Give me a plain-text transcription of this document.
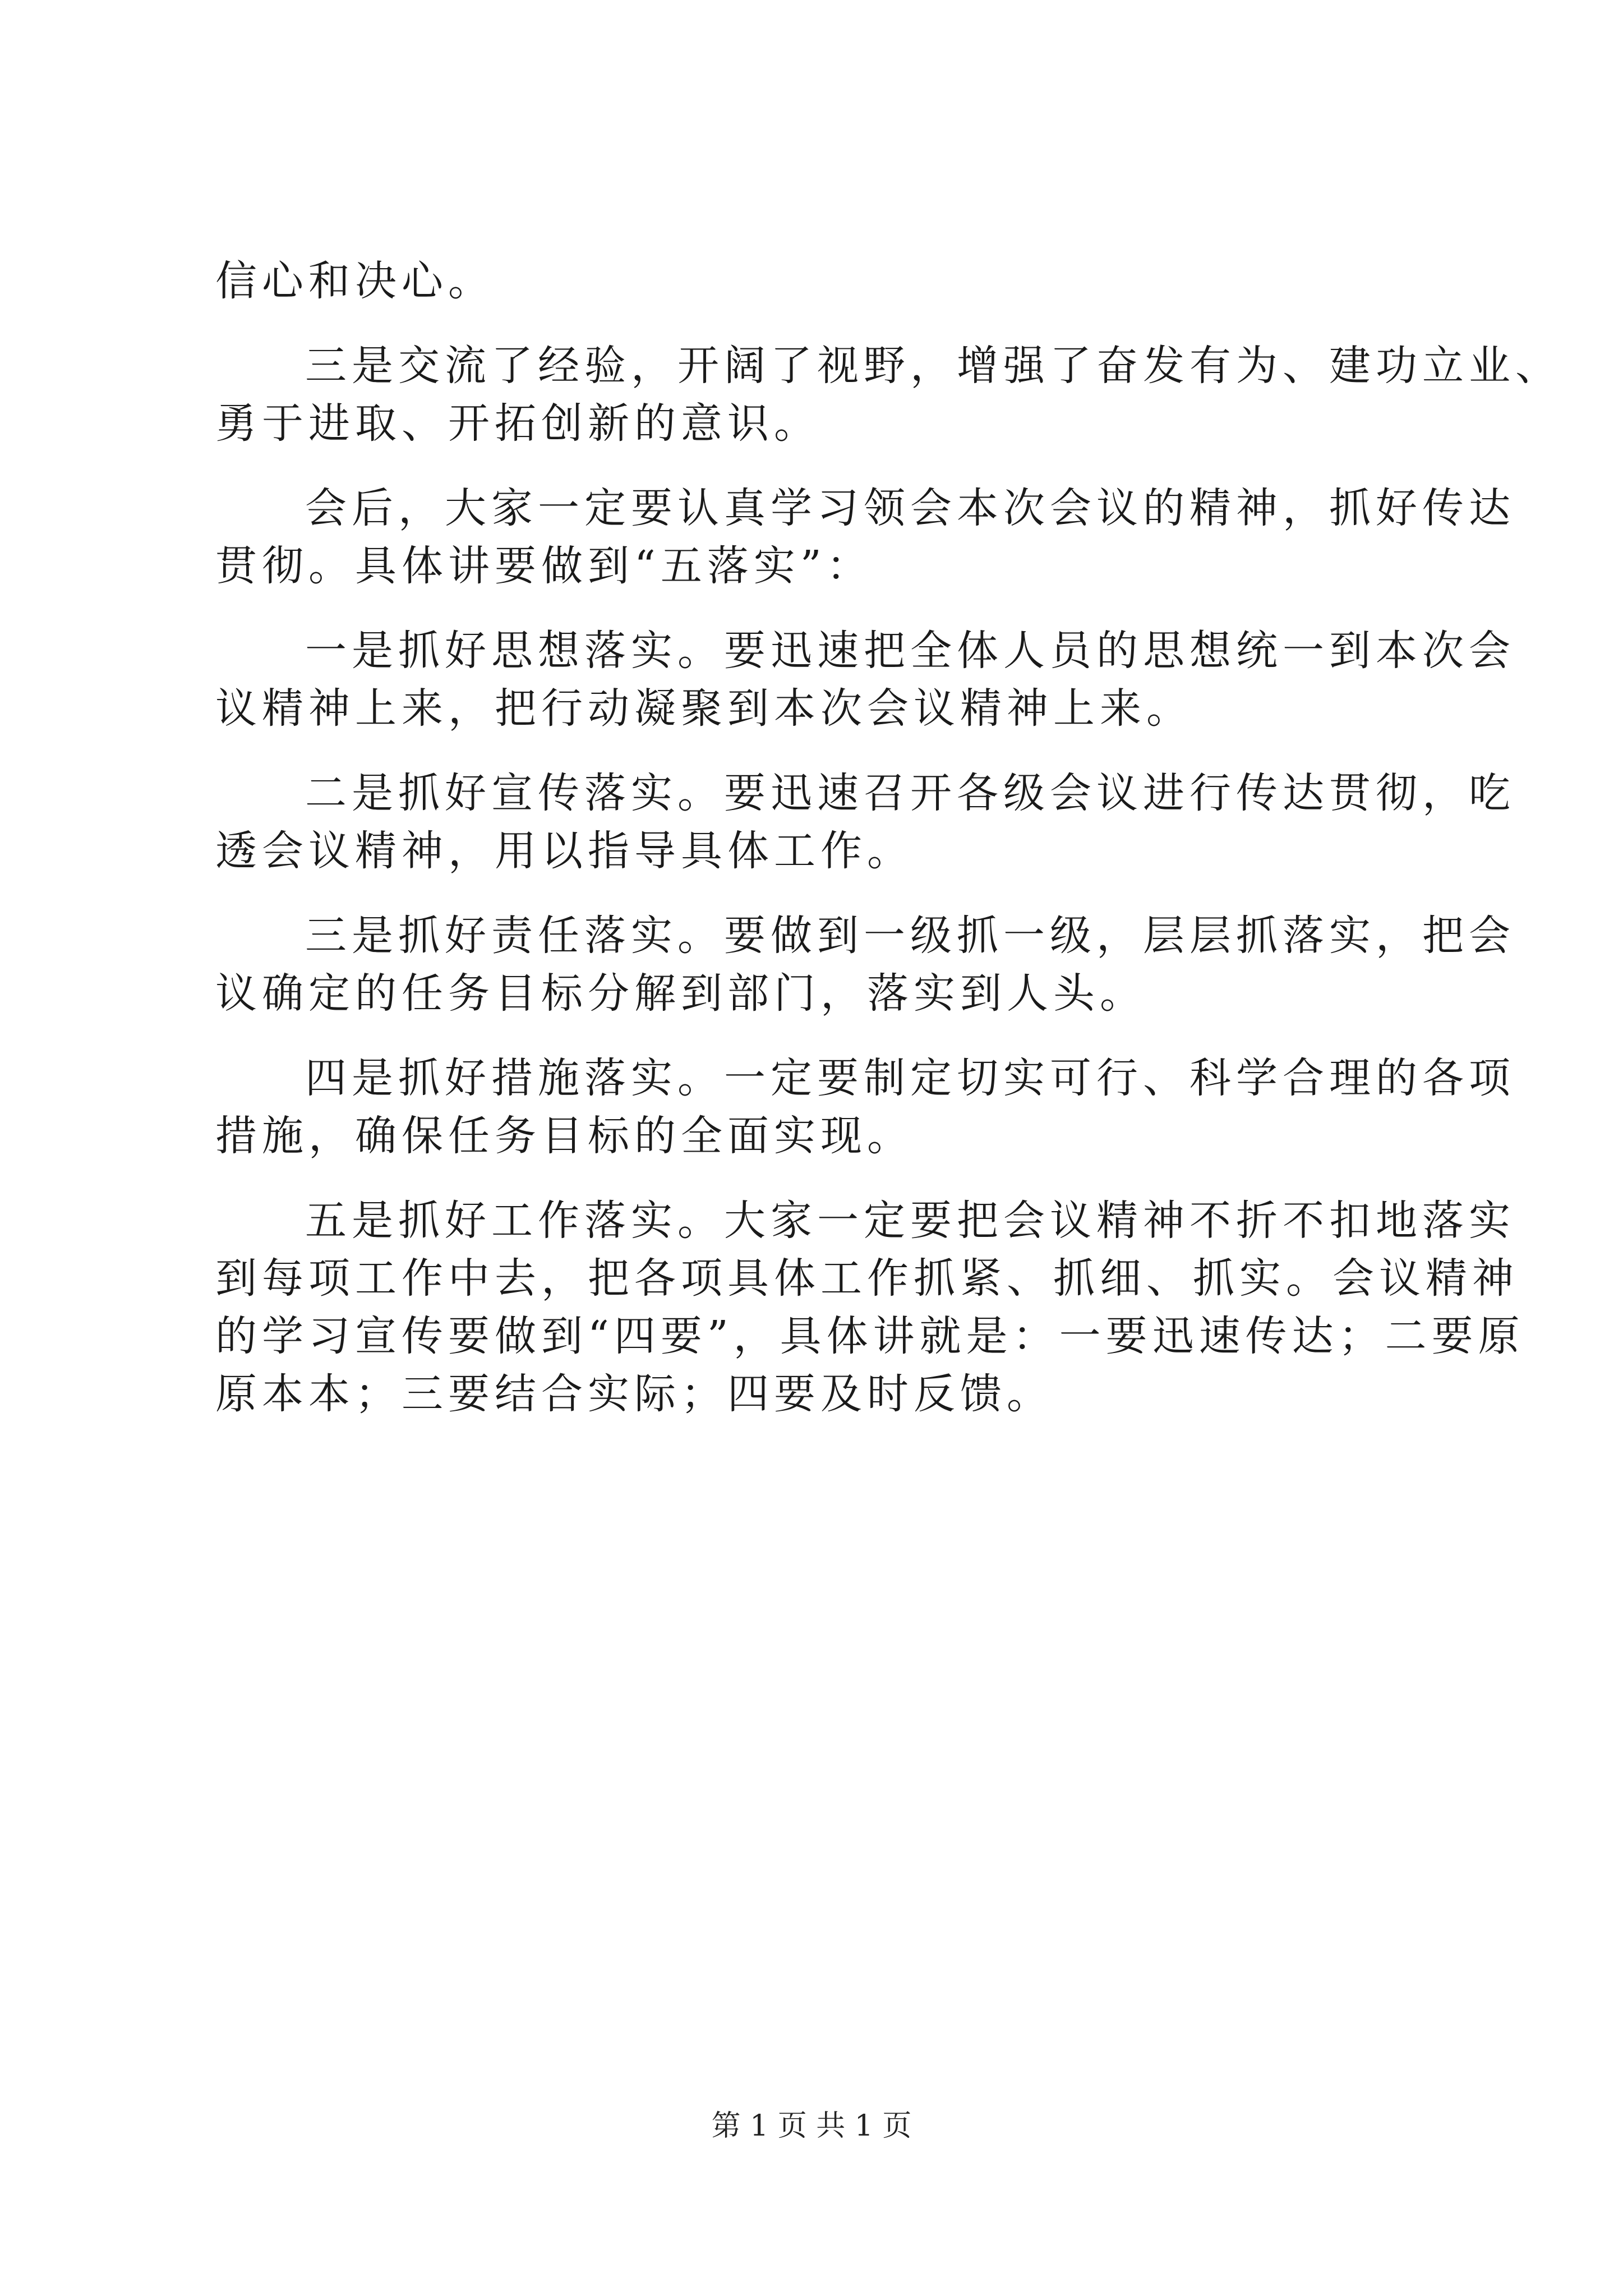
信心和决心。
三是交流了经验，开阔了视野，增强了奋发有为、建功立业、
勇于进取、开拓创新的意识。
会后，大家一定要认真学习领会本次会议的精神，抓好传达
贯彻。具体讲要做到“五落实”：
一是抓好思想落实。要迅速把全体人员的思想统一到本次会
议精神上来，把行动凝聚到本次会议精神上来。
二是抓好宣传落实。要迅速召开各级会议进行传达贯彻，吃
透会议精神，用以指导具体工作。
三是抓好责任落实。要做到一级抓一级，层层抓落实，把会
议确定的任务目标分解到部门，落实到人头。
四是抓好措施落实。一定要制定切实可行、科学合理的各项
措施，确保任务目标的全面实现。
五是抓好工作落实。大家一定要把会议精神不折不扣地落实
到每项工作中去，把各项具体工作抓紧、抓细、抓实。会议精神
的学习宣传要做到“四要”，具体讲就是：一要迅速传达；二要原
原本本；三要结合实际；四要及时反馈。
第 1 页 共 1 页
